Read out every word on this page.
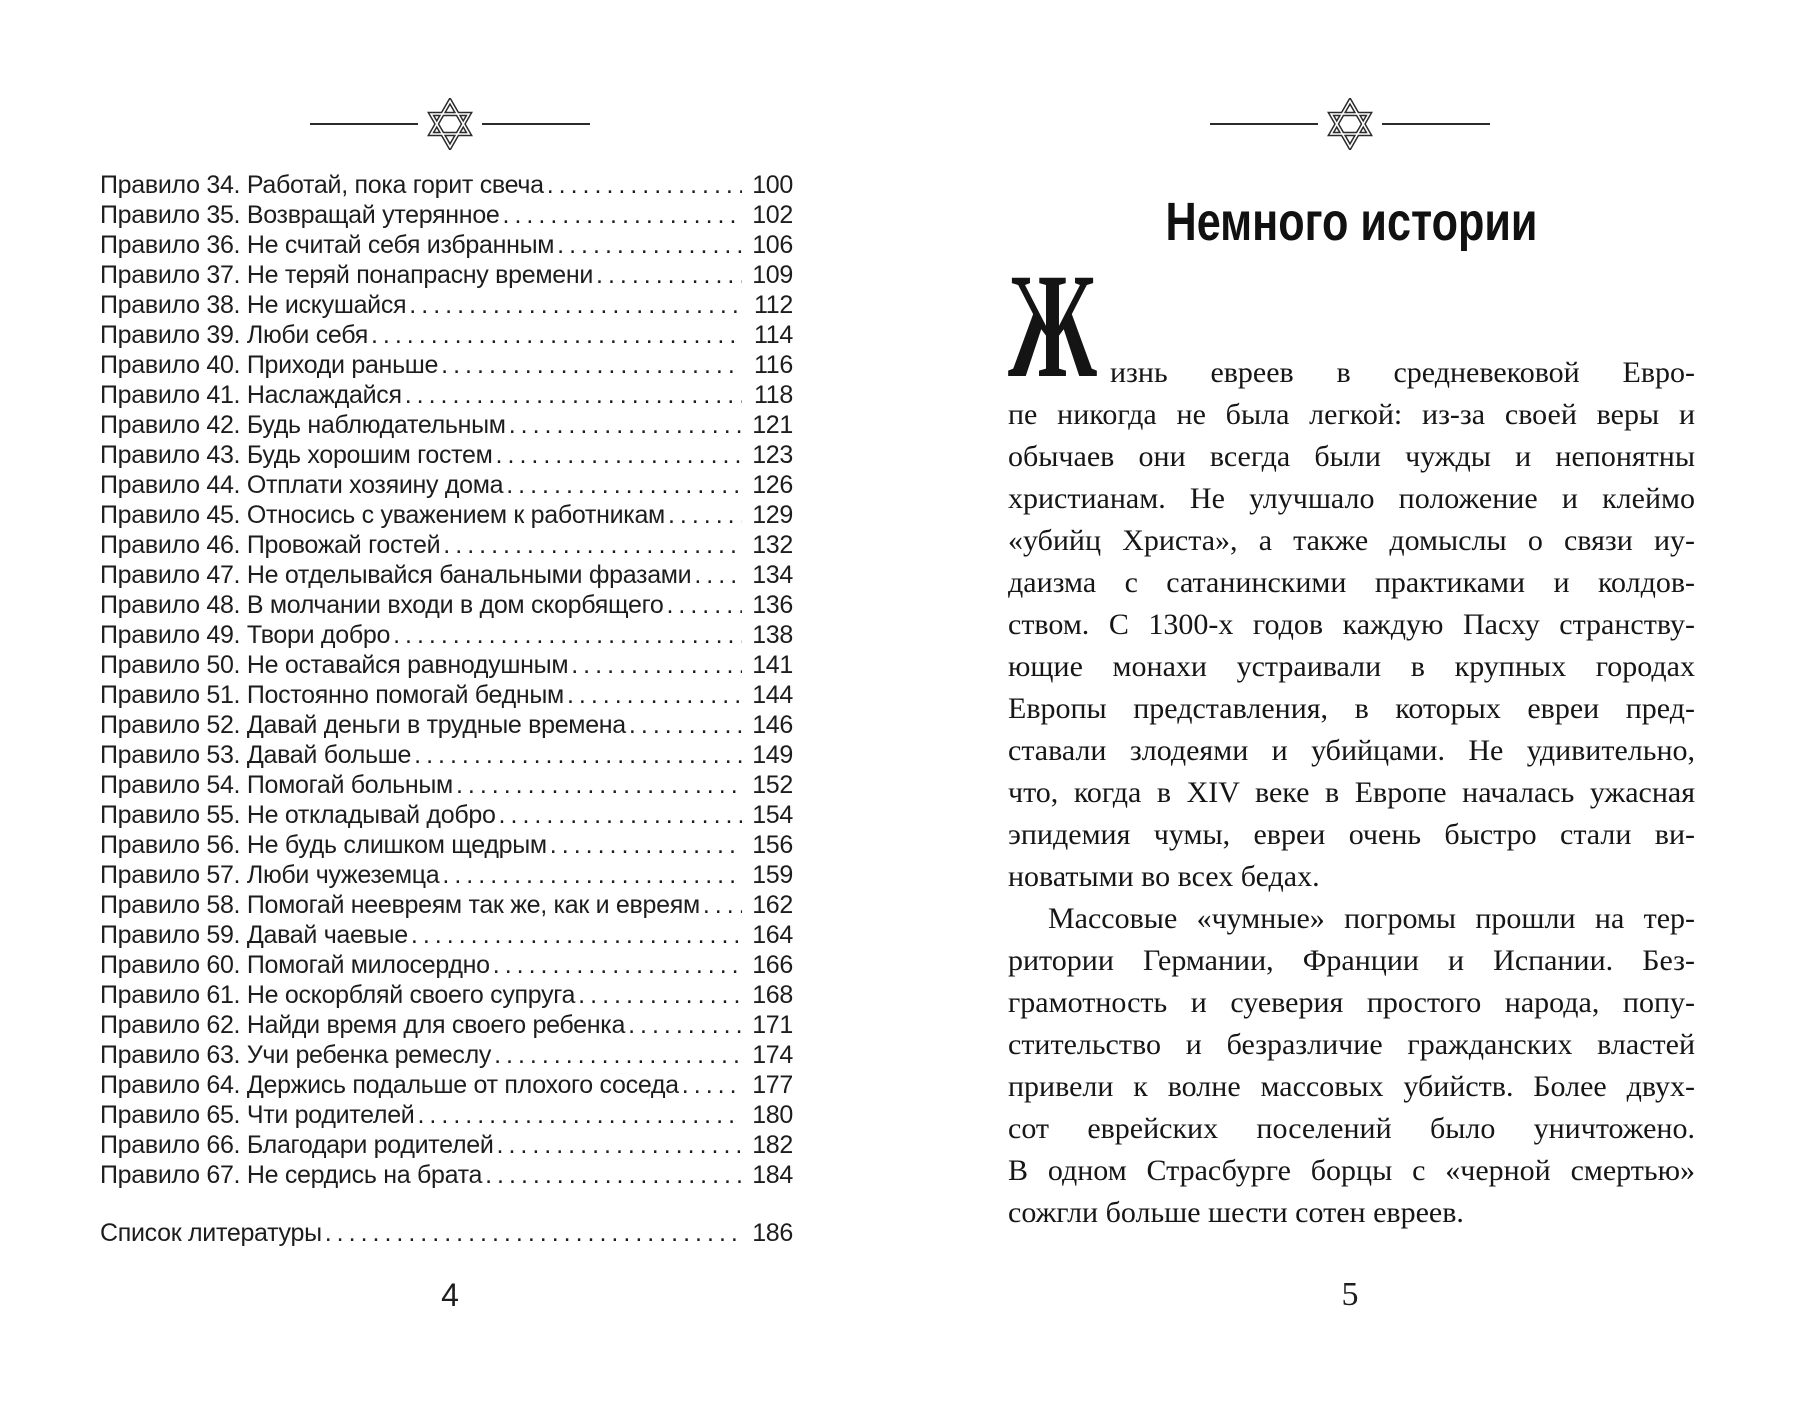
Правило 34. Работай, пока горит свеча .....	100
Правило 35. Возвращай утерянное .....	102
Правило 36. Не считай себя избранным .....	106
Правило 37. Не теряй понапрасну времени .....	109
Правило 38. Не искушайся .....	112
Правило 39. Люби себя .....	114
Правило 40. Приходи раньше .....	116
Правило 41. Наслаждайся .....	118
Правило 42. Будь наблюдательным .....	121
Правило 43. Будь хорошим гостем .....	123
Правило 44. Отплати хозяину дома .....	126
Правило 45. Относись с уважением к работникам .....	129
Правило 46. Провожай гостей .....	132
Правило 47. Не отделывайся банальными фразами ..... 134
Правило 48. В молчании входи в дом скорбящего .....	136
Правило 49. Твори добро .....	138
Правило 50. Не оставайся равнодушным .....	141
Правило 51. Постоянно помогай бедным .....	144
Правило 52. Давай деньги в трудные времена .....	146
Правило 53. Давай больше .....	149
Правило 54. Помогай больным .....	152
Правило 55. Не откладывай добро .....	154
Правило 56. Не будь слишком щедрым .....	156
Правило 57. Люби чужеземца .....	159
Правило 58. Помогай неевреям так же, как и евреям ..... 162
Правило 59. Давай чаевые .....	164
Правило 60. Помогай милосердно .....	166
Правило 61. Не оскорбляй своего супруга .....	168
Правило 62. Найди время для своего ребенка .....	171
Правило 63. Учи ребенка ремеслу .....	174
Правило 64. Держись подальше от плохого соседа .....	177
Правило 65. Чти родителей .....	180
Правило 66. Благодари родителей .....	182
Правило 67. Не сердись на брата .....	184
Список литературы .....	186
4
Немного истории
Ж изнь евреев в средневековой Евро-
пе никогда не была легкой: из-за своей веры и
обычаев они всегда были чужды и непонятны
христианам. Не улучшало положение и клеймо
«убийц Христа», а также домыслы о связи иу-
даизма с сатанинскими практиками и колдов-
ством. С 1300-х годов каждую Пасху странству-
ющие монахи устраивали в крупных городах
Европы представления, в которых евреи пред-
ставали злодеями и убийцами. Не удивительно,
что, когда в XIV веке в Европе началась ужасная
эпидемия чумы, евреи очень быстро стали ви-
новатыми во всех бедах.
Массовые «чумные» погромы прошли на тер-
ритории Германии, Франции и Испании. Без-
грамотность и суеверия простого народа, попу-
стительство и безразличие гражданских властей
привели к волне массовых убийств. Более двух-
сот еврейских поселений было уничтожено.
В одном Страсбурге борцы с «черной смертью»
сожгли больше шести сотен евреев.
5
